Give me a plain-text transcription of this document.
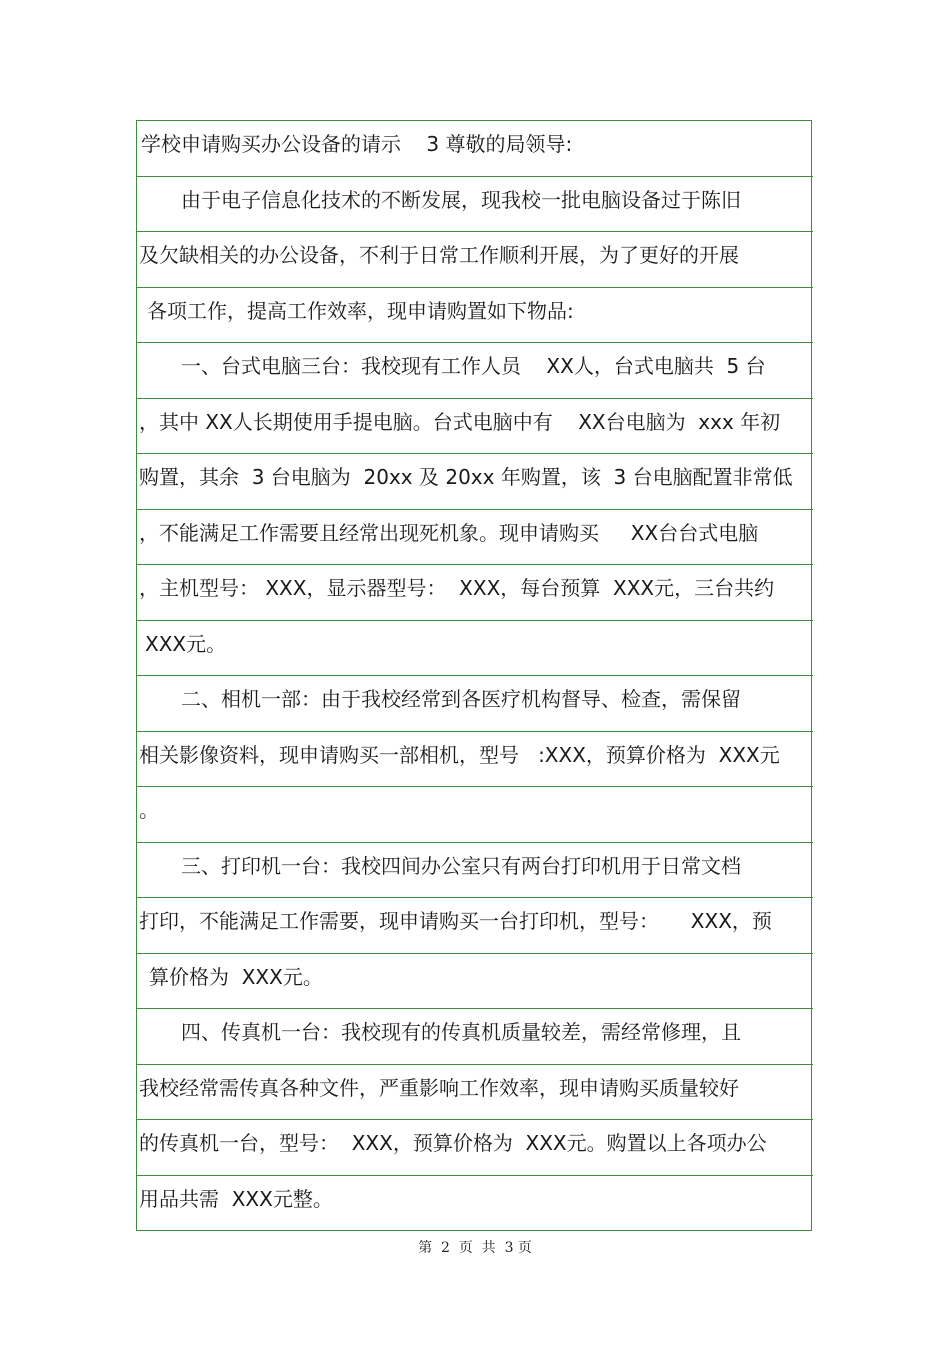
学校申请购买办公设备的请示    3 尊敬的局领导:
由于电子信息化技术的不断发展，现我校一批电脑设备过于陈旧
及欠缺相关的办公设备，不利于日常工作顺利开展，为了更好的开展
各项工作，提高工作效率，现申请购置如下物品:
一、台式电脑三台：我校现有工作人员    XX人，台式电脑共  5 台
，其中 XX人长期使用手提电脑。台式电脑中有    XX台电脑为  xxx 年初
购置，其余  3 台电脑为  20xx 及 20xx 年购置，该  3 台电脑配置非常低
，不能满足工作需要且经常出现死机象。现申请购买     XX台台式电脑
，主机型号： XXX，显示器型号：  XXX，每台预算  XXX元，三台共约
XXX元。
二、相机一部：由于我校经常到各医疗机构督导、检查，需保留
相关影像资料，现申请购买一部相机，型号   :XXX，预算价格为  XXX元
。
三、打印机一台：我校四间办公室只有两台打印机用于日常文档
打印，不能满足工作需要，现申请购买一台打印机，型号：     XXX，预
算价格为  XXX元。
四、传真机一台：我校现有的传真机质量较差，需经常修理，且
我校经常需传真各种文件，严重影响工作效率，现申请购买质量较好
的传真机一台，型号：  XXX，预算价格为  XXX元。购置以上各项办公
用品共需  XXX元整。
第  2  页  共  3 页
